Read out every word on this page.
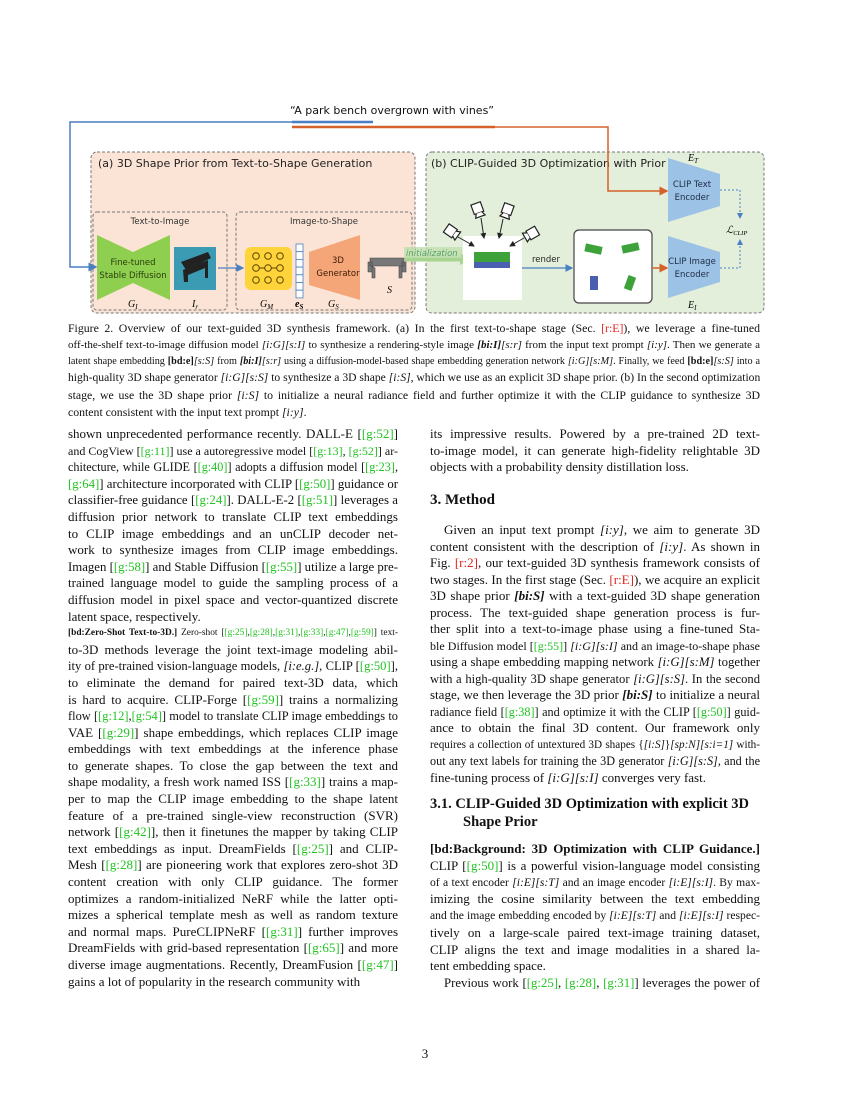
“A park bench overgrown with vines”
(a) 3D Shape Prior from Text-to-Shape Generation
Text-to-Image	Image-to-Shape
Fine-tuned
Stable Diffusion
3D
Generator
$G_I$	$I_r$	$G_M$ $e_S$ $G_S$
S
(b) CLIP-Guided 3D Optimization with Prior
initialization
render
CLIP Text
Encoder
CLIP Image
Encoder
$E_T$
$E_I$
ℒ$_{CLIP}$
Figure 2. Overview of our text-guided 3D synthesis framework. (a) In the first text-to-shape stage (Sec. [r:E]), we leverage a fine-tuned
off-the-shelf text-to-image diffusion model [i:G][s:I] to synthesize a rendering-style image [bi:I][s:r] from the input text prompt [i:y]. Then we generate a
latent shape embedding [bd:e][s:S] from [bi:I][s:r] using a diffusion-model-based shape embedding generation network [i:G][s:M]. Finally, we feed [bd:e][s:S] into a
high-quality 3D shape generator [i:G][s:S] to synthesize a 3D shape [i:S], which we use as an explicit 3D shape prior. (b) In the second optimization
stage, we use the 3D shape prior [i:S] to initialize a neural radiance field and further optimize it with the CLIP guidance to synthesize 3D
content consistent with the input text prompt [i:y].
shown unprecedented performance recently. DALL-E [[g:52]]
and CogView [[g:11]] use a autoregressive model [[g:13], [g:52]] ar-
chitecture, while GLIDE [[g:40]] adopts a diffusion model [[g:23],
[g:64]] architecture incorporated with CLIP [[g:50]] guidance or
classifier-free guidance [[g:24]]. DALL-E-2 [[g:51]] leverages a
diffusion prior network to translate CLIP text embeddings
to CLIP image embeddings and an unCLIP decoder net-
work to synthesize images from CLIP image embeddings.
Imagen [[g:58]] and Stable Diffusion [[g:55]] utilize a large pre-
trained language model to guide the sampling process of a
diffusion model in pixel space and vector-quantized discrete
latent space, respectively.
[bd:Zero-Shot Text-to-3D.] Zero-shot [[g:25],[g:28],[g:31],[g:33],[g:47],[g:59]] text-
to-3D methods leverage the joint text-image modeling abil-
ity of pre-trained vision-language models, [i:e.g.], CLIP [[g:50]],
to eliminate the demand for paired text-3D data, which
is hard to acquire. CLIP-Forge [[g:59]] trains a normalizing
flow [[g:12],[g:54]] model to translate CLIP image embeddings to
VAE [[g:29]] shape embeddings, which replaces CLIP image
embeddings with text embeddings at the inference phase
to generate shapes. To close the gap between the text and
shape modality, a fresh work named ISS [[g:33]] trains a map-
per to map the CLIP image embedding to the shape latent
feature of a pre-trained single-view reconstruction (SVR)
network [[g:42]], then it finetunes the mapper by taking CLIP
text embeddings as input. DreamFields [[g:25]] and CLIP-
Mesh [[g:28]] are pioneering work that explores zero-shot 3D
content creation with only CLIP guidance. The former
optimizes a random-initialized NeRF while the latter opti-
mizes a spherical template mesh as well as random texture
and normal maps. PureCLIPNeRF [[g:31]] further improves
DreamFields with grid-based representation [[g:65]] and more
diverse image augmentations. Recently, DreamFusion [[g:47]]
gains a lot of popularity in the research community with
its impressive results. Powered by a pre-trained 2D text-
to-image model, it can generate high-fidelity relightable 3D
objects with a probability density distillation loss.
3. Method
Given an input text prompt [i:y], we aim to generate 3D
content consistent with the description of [i:y]. As shown in
Fig. [r:2], our text-guided 3D synthesis framework consists of
two stages. In the first stage (Sec. [r:E]), we acquire an explicit
3D shape prior [bi:S] with a text-guided 3D shape generation
process. The text-guided shape generation process is fur-
ther split into a text-to-image phase using a fine-tuned Sta-
ble Diffusion model [[g:55]] [i:G][s:I] and an image-to-shape phase
using a shape embedding mapping network [i:G][s:M] together
with a high-quality 3D shape generator [i:G][s:S]. In the second
stage, we then leverage the 3D prior [bi:S] to initialize a neural
radiance field [[g:38]] and optimize it with the CLIP [[g:50]] guid-
ance to obtain the final 3D content. Our framework only
requires a collection of untextured 3D shapes {[i:S]}[sp:N][s:i=1] with-
out any text labels for training the 3D generator [i:G][s:S], and the
fine-tuning process of [i:G][s:I] converges very fast.
3.1. CLIP-Guided 3D Optimization with explicit 3D
Shape Prior
[bd:Background: 3D Optimization with CLIP Guidance.]
CLIP [[g:50]] is a powerful vision-language model consisting
of a text encoder [i:E][s:T] and an image encoder [i:E][s:I]. By max-
imizing the cosine similarity between the text embedding
and the image embedding encoded by [i:E][s:T] and [i:E][s:I] respec-
tively on a large-scale paired text-image training dataset,
CLIP aligns the text and image modalities in a shared la-
tent embedding space.
Previous work [[g:25], [g:28], [g:31]] leverages the power of
3
